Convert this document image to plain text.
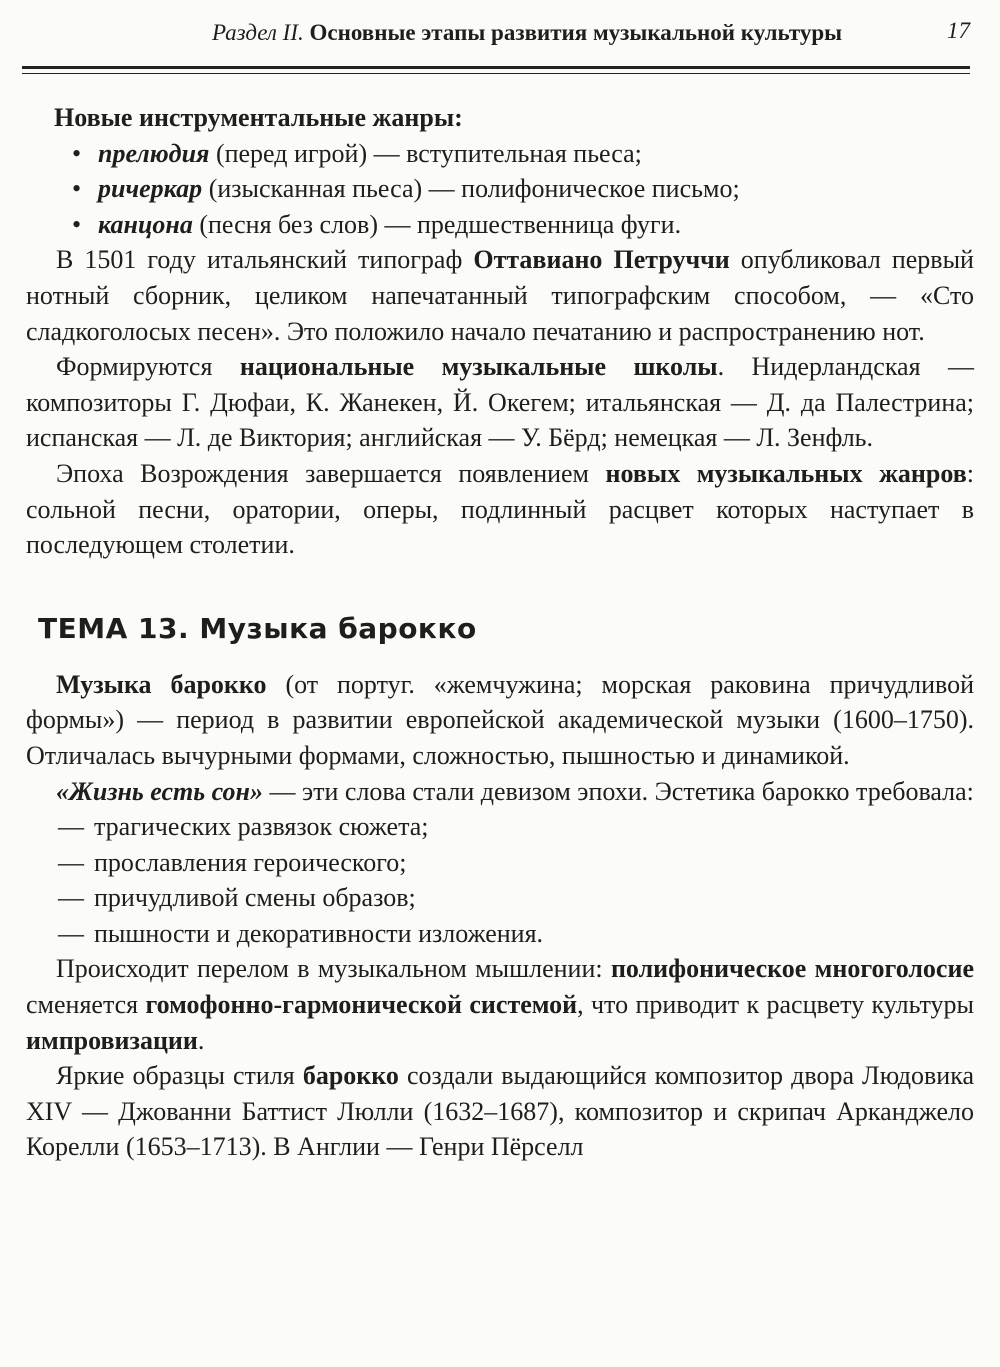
Раздел II. Основные этапы развития музыкальной культуры	17

Новые инструментальные жанры:

• прелюдия (перед игрой) — вступительная пьеса;
• ричеркар (изысканная пьеса) — полифоническое письмо;
• канцона (песня без слов) — предшественница фуги.

В 1501 году итальянский типограф Оттавиано Петруччи опубликовал первый нотный сборник, целиком напечатанный типографским способом, — «Сто сладкоголосых песен». Это положило начало печатанию и распространению нот.

Формируются национальные музыкальные школы. Нидерландская — композиторы Г. Дюфаи, К. Жанекен, Й. Окегем; итальянская — Д. да Палестрина; испанская — Л. де Виктория; английская — У. Бёрд; немецкая — Л. Зенфль.

Эпоха Возрождения завершается появлением новых музыкальных жанров: сольной песни, оратории, оперы, подлинный расцвет которых наступает в последующем столетии.

ТЕМА 13. Музыка барокко

Музыка барокко (от португ. «жемчужина; морская раковина причудливой формы») — период в развитии европейской академической музыки (1600–1750). Отличалась вычурными формами, сложностью, пышностью и динамикой.

«Жизнь есть сон» — эти слова стали девизом эпохи. Эстетика барокко требовала:

— трагических развязок сюжета;
— прославления героического;
— причудливой смены образов;
— пышности и декоративности изложения.

Происходит перелом в музыкальном мышлении: полифоническое многоголосие сменяется гомофонно-гармонической системой, что приводит к расцвету культуры импровизации.

Яркие образцы стиля барокко создали выдающийся композитор двора Людовика XIV — Джованни Баттист Люлли (1632–1687), композитор и скрипач Арканджело Корелли (1653–1713). В Англии — Генри Пёрселл
